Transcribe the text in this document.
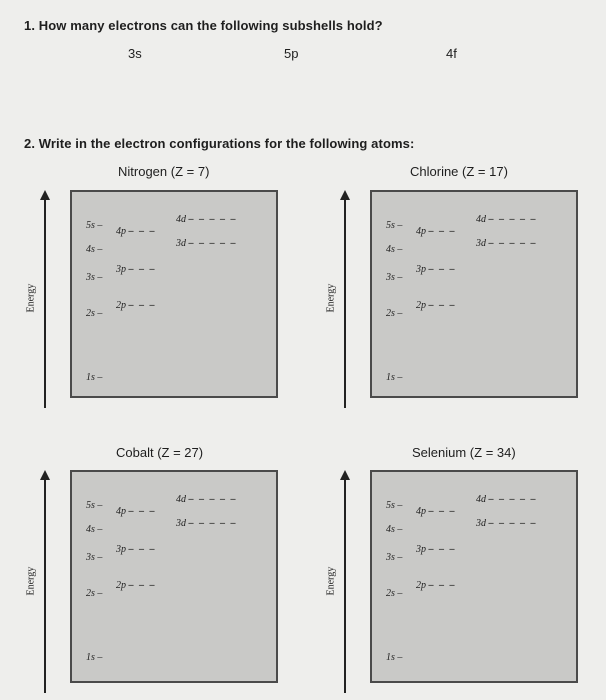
1. How many electrons can the following subshells hold?
3s	5p	4f
2. Write in the electron configurations for the following atoms:
Nitrogen (Z = 7)	Chlorine (Z = 17)
Cobalt (Z = 27)	Selenium (Z = 34)
Energy
5s –
4p – – –
4d – – – – –
3d – – – – –
4s –
3p – – –
3s –
2p – – –
2s –
1s –
Energy
5s –
4p – – –
4d – – – – –
3d – – – – –
4s –
3p – – –
3s –
2p – – –
2s –
1s –
Energy
5s –
4p – – –
4d – – – – –
3d – – – – –
4s –
3p – – –
3s –
2p – – –
2s –
1s –
Energy
5s –
4p – – –
4d – – – – –
3d – – – – –
4s –
3p – – –
3s –
2p – – –
2s –
1s –
